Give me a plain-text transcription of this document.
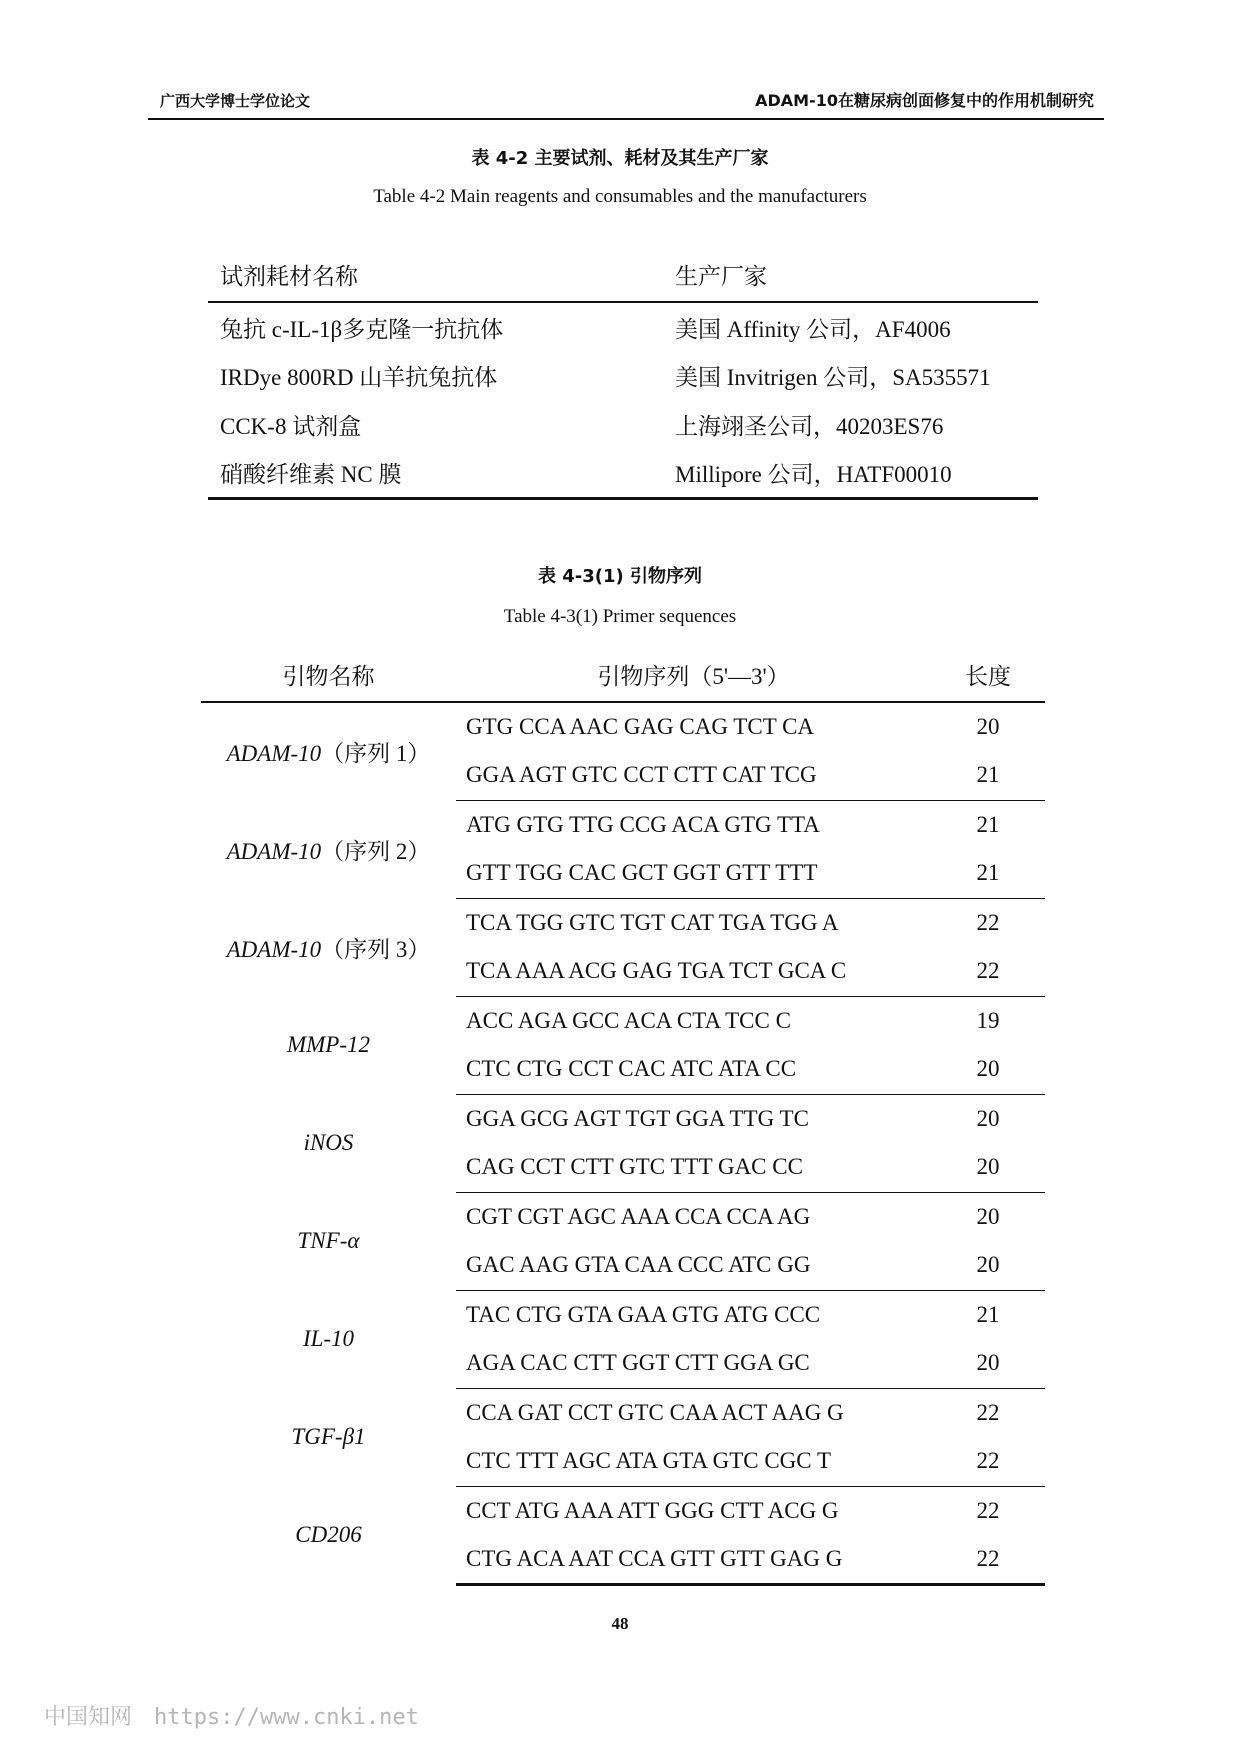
广西大学博士学位论文	ADAM-10在糖尿病创面修复中的作用机制研究
表 4-2 主要试剂、耗材及其生产厂家
Table 4-2 Main reagents and consumables and the manufacturers
试剂耗材名称	生产厂家
兔抗 c-IL-1β多克隆一抗抗体	美国 Affinity 公司，AF4006
IRDye 800RD 山羊抗兔抗体	美国 Invitrigen 公司，SA535571
CCK-8 试剂盒	上海翊圣公司，40203ES76
硝酸纤维素 NC 膜	Millipore 公司，HATF00010
表 4-3(1) 引物序列
Table 4-3(1) Primer sequences
引物名称	引物序列（5'—3'）	长度
ADAM-10（序列 1）	GTG CCA AAC GAG CAG TCT CA	20
	GGA AGT GTC CCT CTT CAT TCG	21
ADAM-10（序列 2）	ATG GTG TTG CCG ACA GTG TTA	21
	GTT TGG CAC GCT GGT GTT TTT	21
ADAM-10（序列 3）	TCA TGG GTC TGT CAT TGA TGG A	22
	TCA AAA ACG GAG TGA TCT GCA C	22
MMP-12	ACC AGA GCC ACA CTA TCC C	19
	CTC CTG CCT CAC ATC ATA CC	20
iNOS	GGA GCG AGT TGT GGA TTG TC	20
	CAG CCT CTT GTC TTT GAC CC	20
TNF-α	CGT CGT AGC AAA CCA CCA AG	20
	GAC AAG GTA CAA CCC ATC GG	20
IL-10	TAC CTG GTA GAA GTG ATG CCC	21
	AGA CAC CTT GGT CTT GGA GC	20
TGF-β1	CCA GAT CCT GTC CAA ACT AAG G	22
	CTC TTT AGC ATA GTA GTC CGC T	22
CD206	CCT ATG AAA ATT GGG CTT ACG G	22
	CTG ACA AAT CCA GTT GTT GAG G	22
48
中国知网 https://www.cnki.net
